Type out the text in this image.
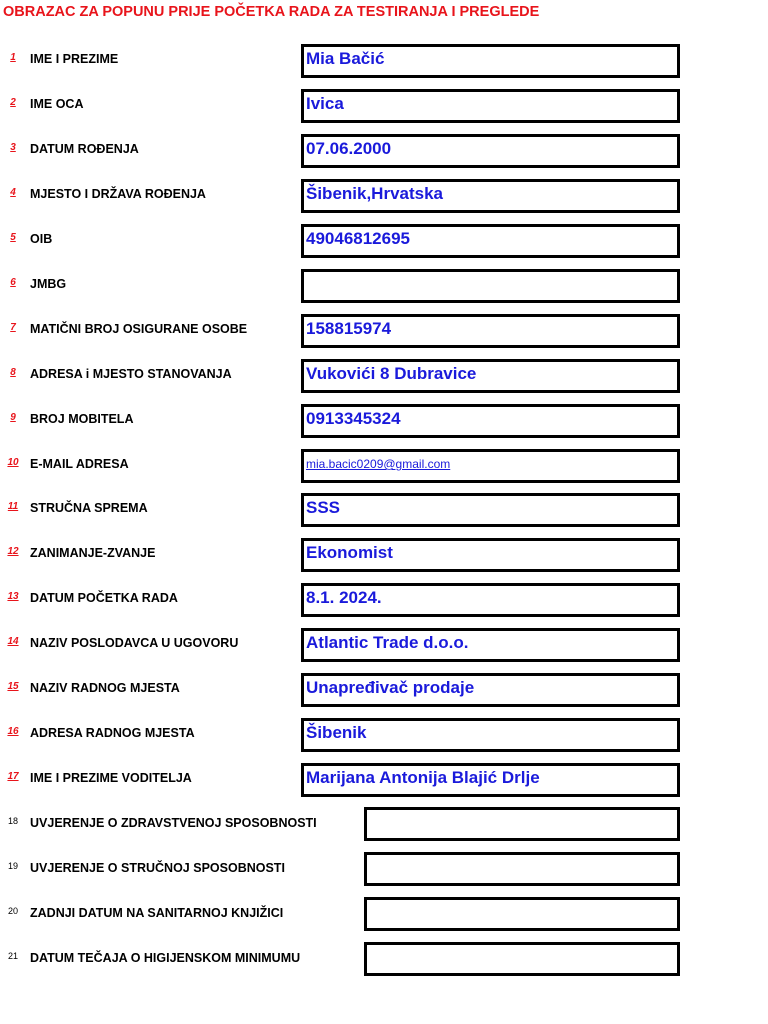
OBRAZAC ZA POPUNU PRIJE POČETKA RADA ZA TESTIRANJA I PREGLEDE
1	IME I PREZIME	Mia Bačić
2	IME OCA	Ivica
3	DATUM ROĐENJA	07.06.2000
4	MJESTO I DRŽAVA ROĐENJA	Šibenik,Hrvatska
5	OIB	49046812695
6	JMBG
7	MATIČNI BROJ OSIGURANE OSOBE	158815974
8	ADRESA i MJESTO STANOVANJA	Vukovići 8 Dubravice
9	BROJ MOBITELA	0913345324
10 E-MAIL ADRESA	mia.bacic0209@gmail.com
11 STRUČNA SPREMA	SSS
12 ZANIMANJE-ZVANJE	Ekonomist
13 DATUM POČETKA RADA	8.1. 2024.
14 NAZIV POSLODAVCA U UGOVORU	Atlantic Trade d.o.o.
15 NAZIV RADNOG MJESTA	Unapređivač prodaje
16 ADRESA RADNOG MJESTA	Šibenik
17 IME I PREZIME VODITELJA	Marijana Antonija Blajić Drlje
18 UVJERENJE O ZDRAVSTVENOJ SPOSOBNOSTI
19 UVJERENJE O STRUČNOJ SPOSOBNOSTI
20 ZADNJI DATUM NA SANITARNOJ KNJIŽICI
21 DATUM TEČAJA O HIGIJENSKOM MINIMUMU
